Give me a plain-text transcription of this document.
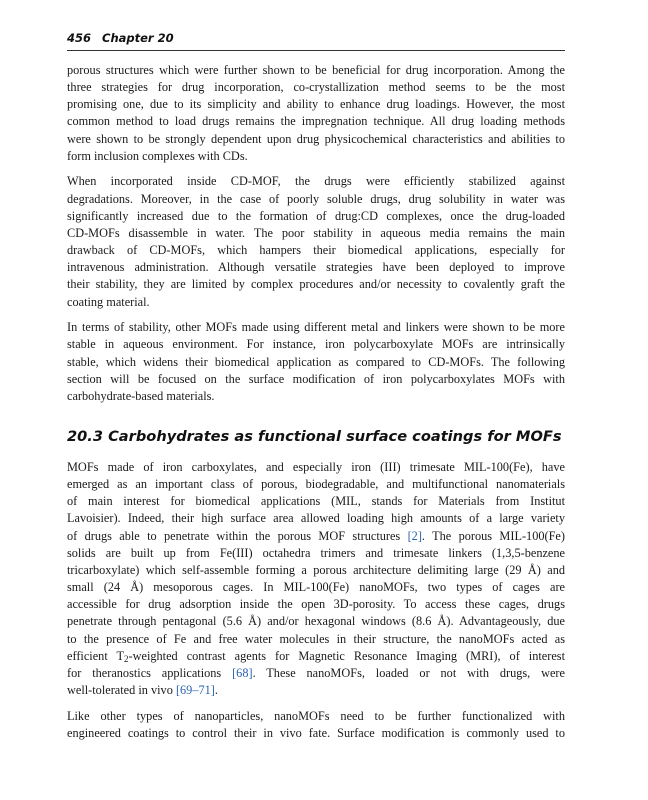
456 Chapter 20

porous structures which were further shown to be beneficial for drug incorporation. Among the
three strategies for drug incorporation, co-crystallization method seems to be the most
promising one, due to its simplicity and ability to enhance drug loadings. However, the most
common method to load drugs remains the impregnation technique. All drug loading methods
were shown to be strongly dependent upon drug physicochemical characteristics and abilities to
form inclusion complexes with CDs.

When incorporated inside CD-MOF, the drugs were efficiently stabilized against
degradations. Moreover, in the case of poorly soluble drugs, drug solubility in water was
significantly increased due to the formation of drug:CD complexes, once the drug-loaded
CD-MOFs disassemble in water. The poor stability in aqueous media remains the main
drawback of CD-MOFs, which hampers their biomedical applications, especially for
intravenous administration. Although versatile strategies have been deployed to improve
their stability, they are limited by complex procedures and/or necessity to covalently graft the
coating material.

In terms of stability, other MOFs made using different metal and linkers were shown to be more
stable in aqueous environment. For instance, iron polycarboxylate MOFs are intrinsically
stable, which widens their biomedical application as compared to CD-MOFs. The following
section will be focused on the surface modification of iron polycarboxylates MOFs with
carbohydrate-based materials.

20.3 Carbohydrates as functional surface coatings for MOFs

MOFs made of iron carboxylates, and especially iron (III) trimesate MIL-100(Fe), have
emerged as an important class of porous, biodegradable, and multifunctional nanomaterials
of main interest for biomedical applications (MIL, stands for Materials from Institut
Lavoisier). Indeed, their high surface area allowed loading high amounts of a large variety
of drugs able to penetrate within the porous MOF structures [2]. The porous MIL-100(Fe)
solids are built up from Fe(III) octahedra trimers and trimesate linkers (1,3,5-benzene
tricarboxylate) which self-assemble forming a porous architecture delimiting large (29 Å) and
small (24 Å) mesoporous cages. In MIL-100(Fe) nanoMOFs, two types of cages are
accessible for drug adsorption inside the open 3D-porosity. To access these cages, drugs
penetrate through pentagonal (5.6 Å) and/or hexagonal windows (8.6 Å). Advantageously, due
to the presence of Fe and free water molecules in their structure, the nanoMOFs acted as
efficient $T_2$-weighted contrast agents for Magnetic Resonance Imaging (MRI), of interest
for theranostics applications [68]. These nanoMOFs, loaded or not with drugs, were
well-tolerated in vivo [69–71].

Like other types of nanoparticles, nanoMOFs need to be further functionalized with
engineered coatings to control their in vivo fate. Surface modification is commonly used to
